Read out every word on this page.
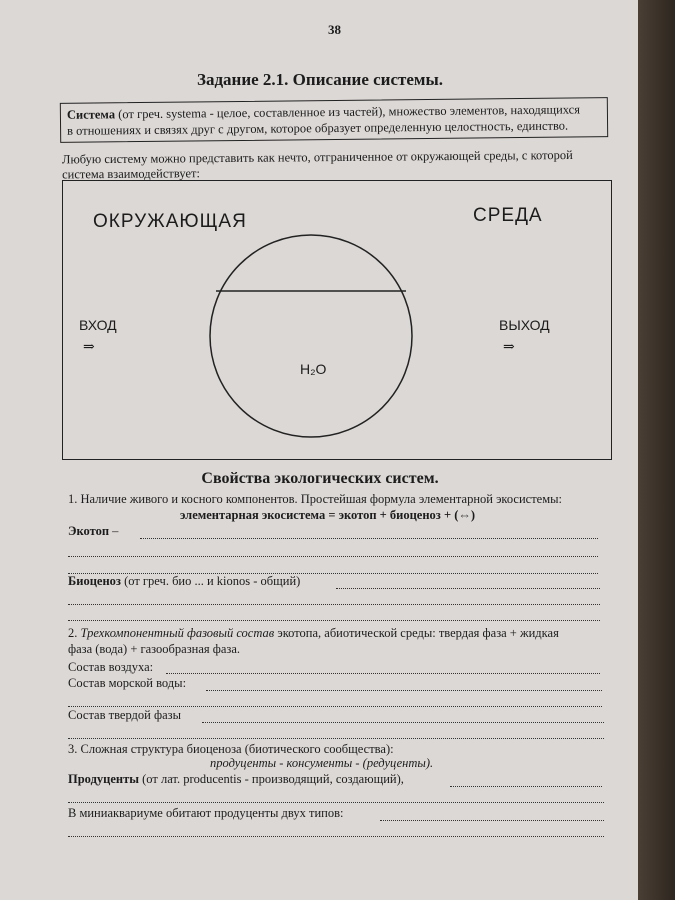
38
Задание 2.1. Описание системы.
Система (от греч. systema - целое, составленное из частей), множество элементов, находящихся
в отношениях и связях друг с другом, которое образует определенную целостность, единство.
Любую систему можно представить как нечто, отграниченное от окружающей среды, с которой
система взаимодействует:
ОКРУЖАЮЩАЯ	СРЕДА
ВХОД
⇒
ВЫХОД
⇒
H₂O
Свойства экологических систем.
1. Наличие живого и косного компонентов. Простейшая формула элементарной экосистемы:
элементарная экосистема = экотоп + биоценоз + (⇔)
Экотоп –
Биоценоз (от греч. био ... и kionos - общий)
2. Трехкомпонентный фазовый состав экотопа, абиотической среды: твердая фаза + жидкая
фаза (вода) + газообразная фаза.
Состав воздуха:
Состав морской воды:
Состав твердой фазы
3. Сложная структура биоценоза (биотического сообщества):
продуценты - консументы - (редуценты).
Продуценты (от лат. producentis - производящий, создающий),
В миниаквариуме обитают продуценты двух типов:
